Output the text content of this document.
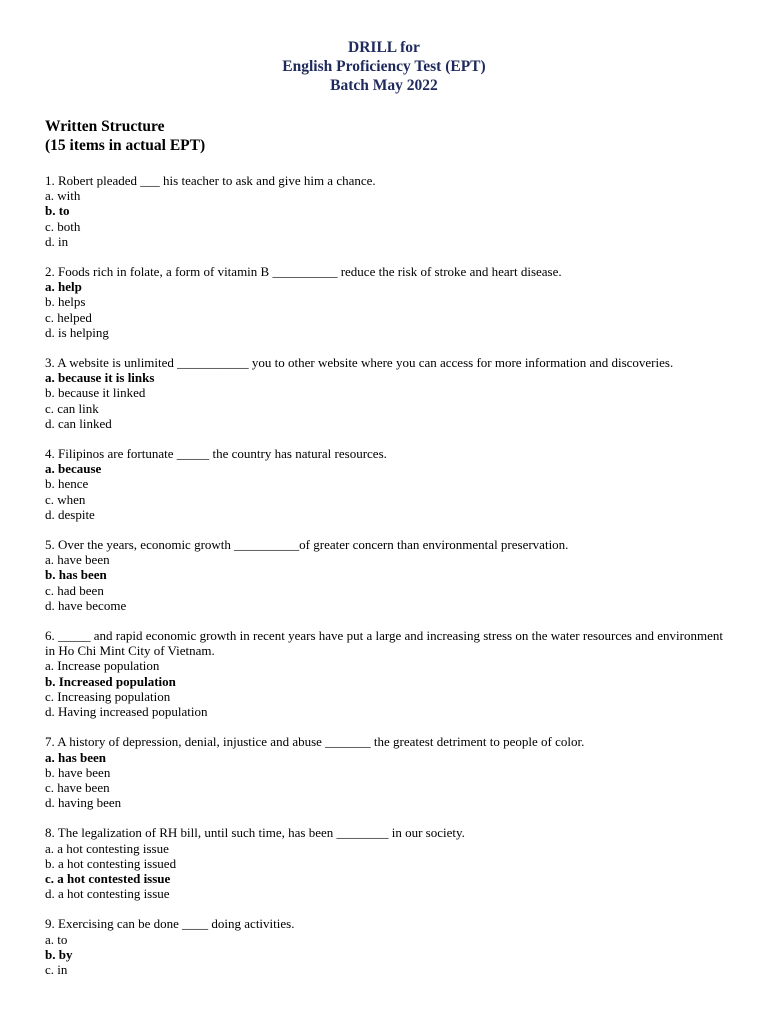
DRILL for
English Proficiency Test (EPT)
Batch May 2022
Written Structure
(15 items in actual EPT)
1. Robert pleaded ___ his teacher to ask and give him a chance.
a. with
b. to
c. both
d. in
2. Foods rich in folate, a form of vitamin B __________ reduce the risk of stroke and heart disease.
a. help
b. helps
c. helped
d. is helping
3. A website is unlimited ___________ you to other website where you can access for more information and discoveries.
a. because it is links
b. because it linked
c. can link
d. can linked
4. Filipinos are fortunate _____ the country has natural resources.
a. because
b. hence
c. when
d. despite
5. Over the years, economic growth __________of greater concern than environmental preservation.
a. have been
b. has been
c. had been
d. have become
6. _____ and rapid economic growth in recent years have put a large and increasing stress on the water resources and environment in Ho Chi Mint City of Vietnam.
a. Increase population
b. Increased population
c. Increasing population
d. Having increased population
7. A history of depression, denial, injustice and abuse _______ the greatest detriment to people of color.
a. has been
b. have been
c. have been
d. having been
8. The legalization of RH bill, until such time, has been ________ in our society.
a. a hot contesting issue
b. a hot contesting issued
c. a hot contested issue
d. a hot contesting issue
9. Exercising can be done ____ doing activities.
a. to
b. by
c. in
